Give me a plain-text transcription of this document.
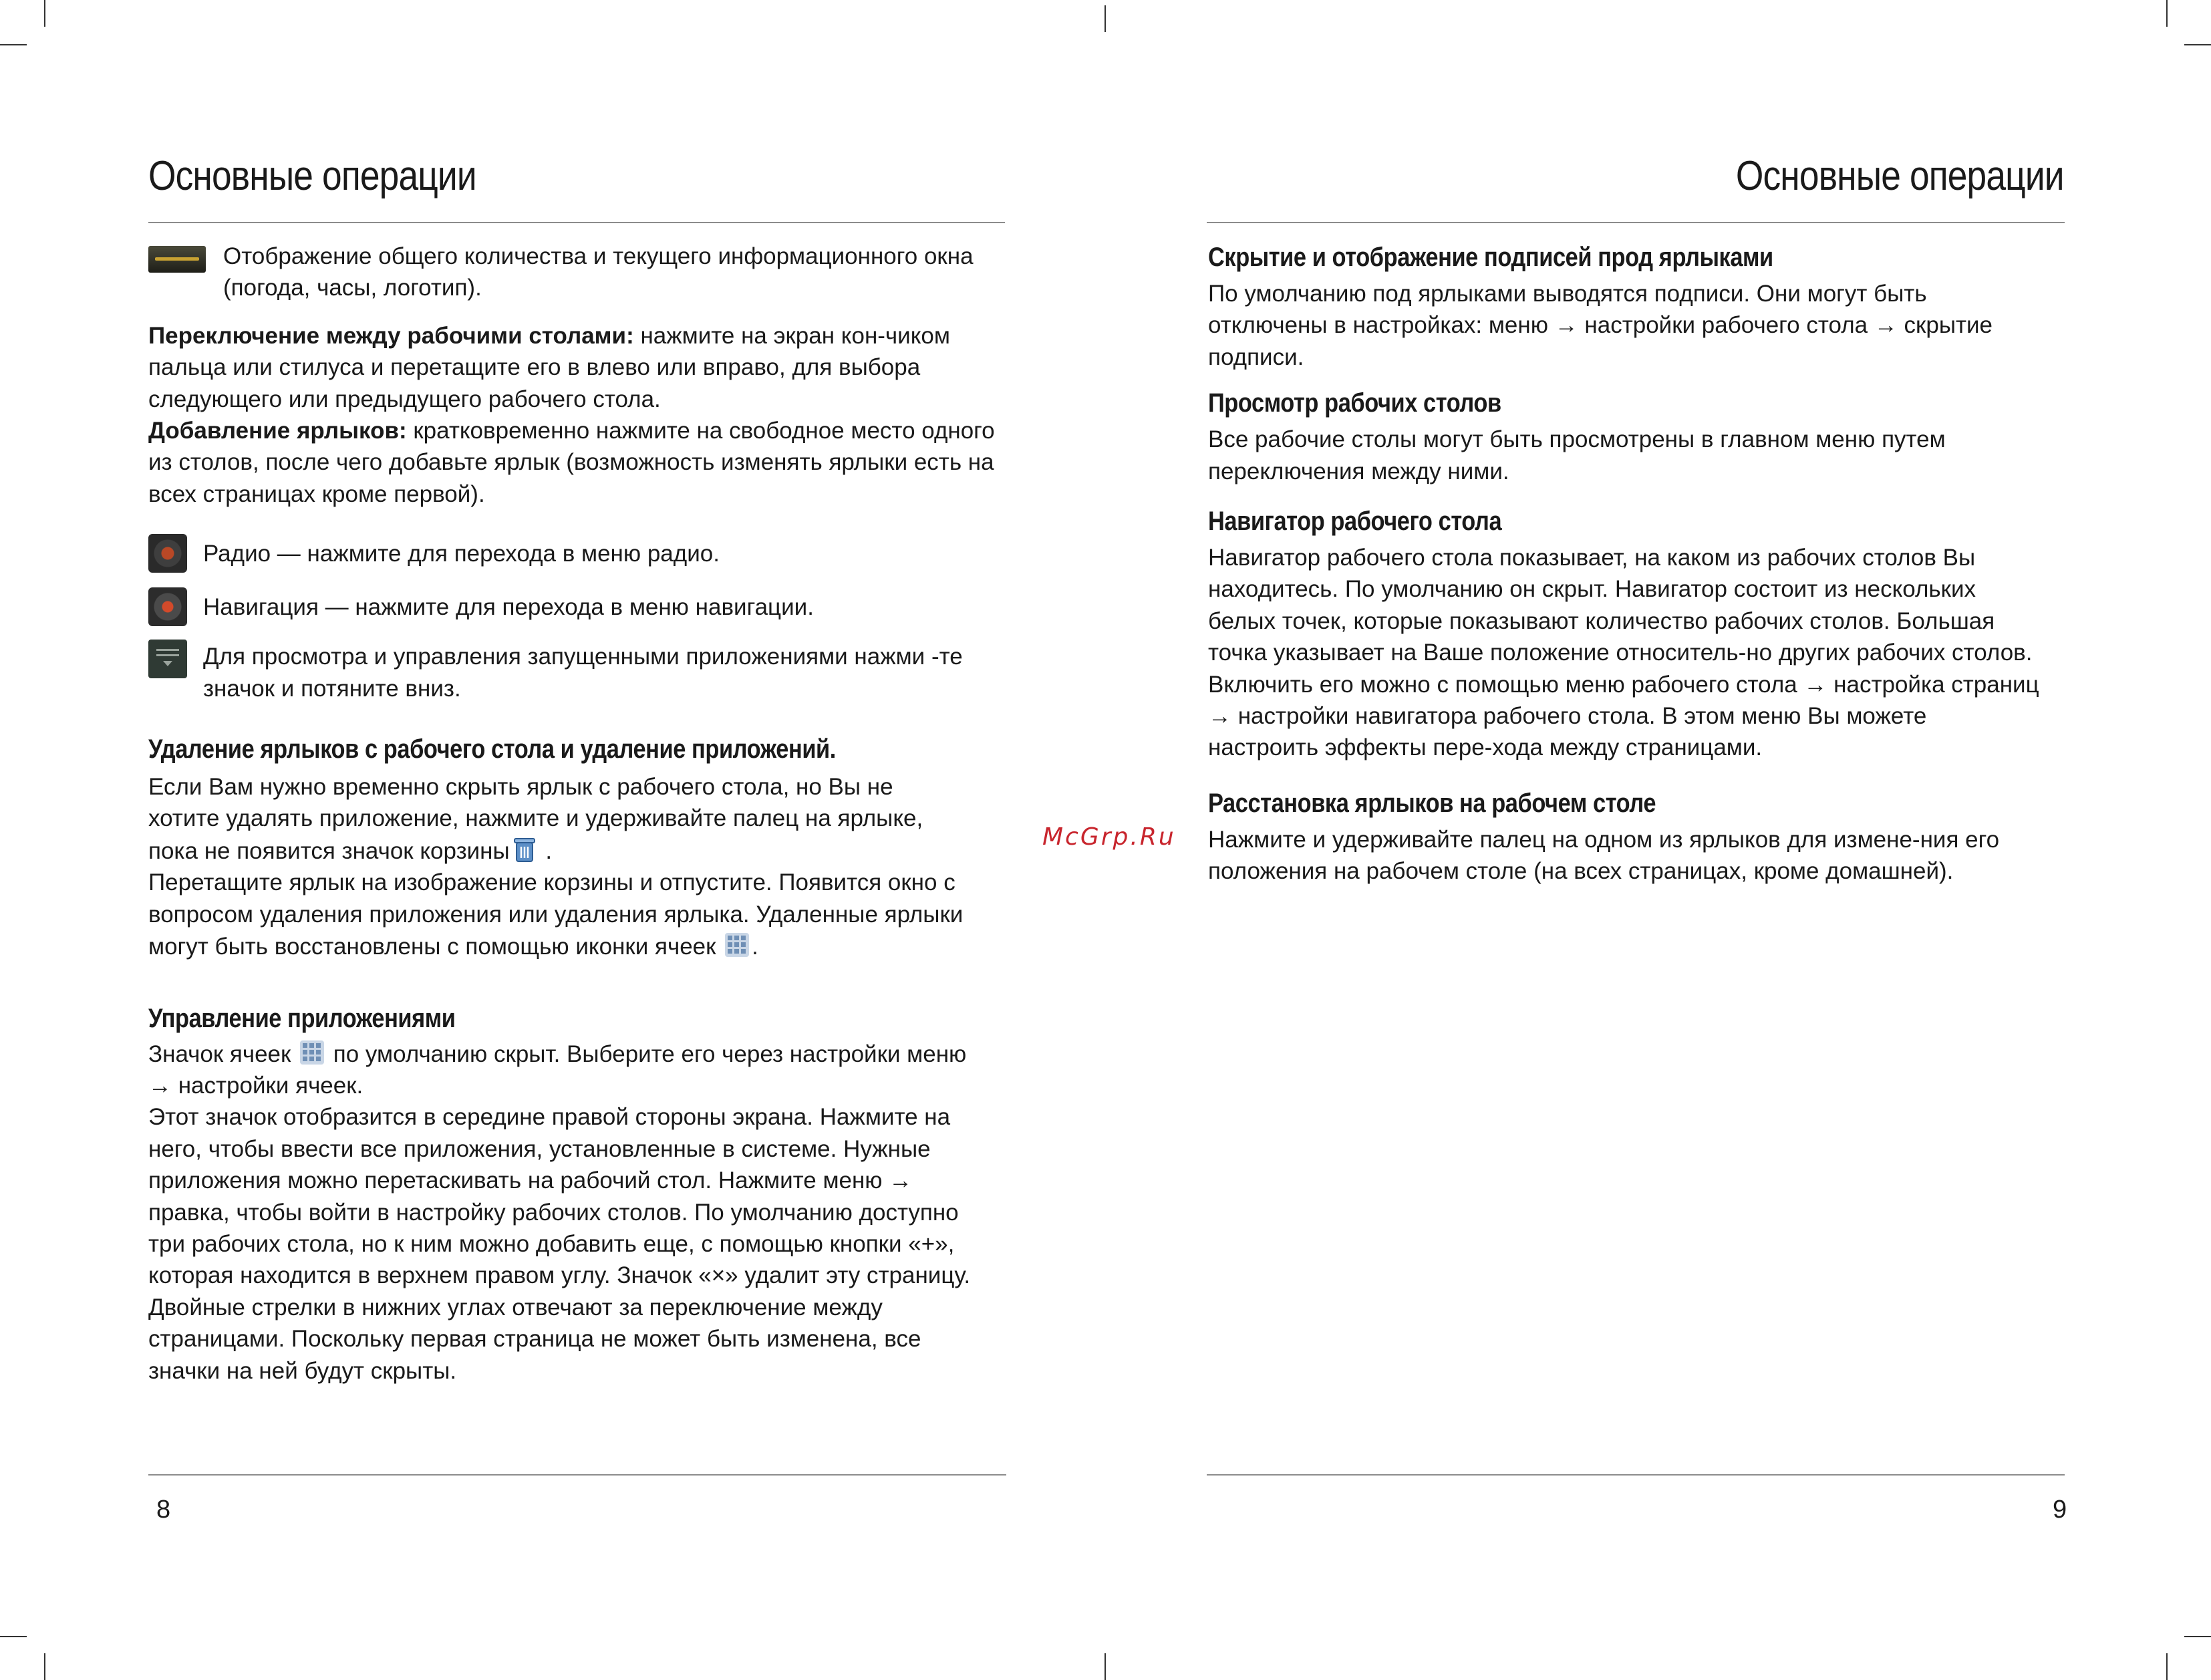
Основные операции	Основные операции

Отображение общего количества и текущего информационного окна (погода, часы, логотип).

Переключение между рабочими столами: нажмите на экран кон-чиком пальца или стилуса и перетащите его в влево или вправо, для выбора следующего или предыдущего рабочего стола.

Добавление ярлыков: кратковременно нажмите на свободное место одного из столов, после чего добавьте ярлык (возможность изменять ярлыки есть на всех страницах кроме первой).

Радио — нажмите для перехода в меню радио.

Навигация — нажмите для перехода в меню навигации.

Для просмотра и управления запущенными приложениями нажми -те значок и потяните вниз.

Удаление ярлыков с рабочего стола и удаление приложений.

Если Вам нужно временно скрыть ярлык с рабочего стола, но Вы не хотите удалять приложение, нажмите и удерживайте палец на ярлыке, пока не появится значок корзины .

Перетащите ярлык на изображение корзины и отпустите. Появится окно с вопросом удаления приложения или удаления ярлыка. Удаленные ярлыки могут быть восстановлены с помощью иконки ячеек .

Управление приложениями

Значок ячеек  по умолчанию скрыт. Выберите его через настройки меню → настройки ячеек.

Этот значок отобразится в середине правой стороны экрана. Нажмите на него, чтобы ввести все приложения, установленные в системе. Нужные приложения можно перетаскивать на рабочий стол. Нажмите меню → правка, чтобы войти в настройку рабочих столов. По умолчанию доступно три рабочих стола, но к ним можно добавить еще, с помощью кнопки «+», которая находится в верхнем правом углу. Значок «×» удалит эту страницу. Двойные стрелки в нижних углах отвечают за переключение между страницами. Поскольку первая страница не может быть изменена, все значки на ней будут скрыты.

Скрытие и отображение подписей прод ярлыками

По умолчанию под ярлыками выводятся подписи. Они могут быть отключены в настройках: меню → настройки рабочего стола → скрытие подписи.

Просмотр рабочих столов

Все рабочие столы могут быть просмотрены в главном меню путем переключения между ними.

Навигатор рабочего стола

Навигатор рабочего стола показывает, на каком из рабочих столов Вы находитесь. По умолчанию он скрыт. Навигатор состоит из нескольких белых точек, которые показывают количество рабочих столов. Большая точка указывает на Ваше положение относитель-но других рабочих столов. Включить его можно с помощью меню рабочего стола → настройка страниц → настройки навигатора рабочего стола. В этом меню Вы можете настроить эффекты пере-хода между страницами.

Расстановка ярлыков на рабочем столе

Нажмите и удерживайте палец на одном из ярлыков для измене-ния его положения на рабочем столе (на всех страницах, кроме домашней).

McGrp.Ru
8	9
